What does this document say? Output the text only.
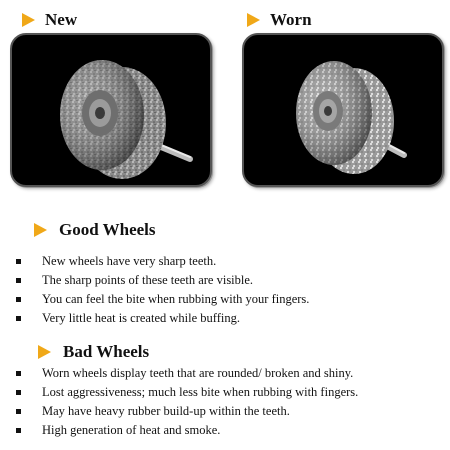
New	Worn
Good Wheels
New wheels have very sharp teeth.
The sharp points of these teeth are visible.
You can feel the bite when rubbing with your fingers.
Very little heat is created while buffing.
Bad Wheels
Worn wheels display teeth that are rounded/ broken and shiny.
Lost aggressiveness; much less bite when rubbing with fingers.
May have heavy rubber build-up within the teeth.
High generation of heat and smoke.
